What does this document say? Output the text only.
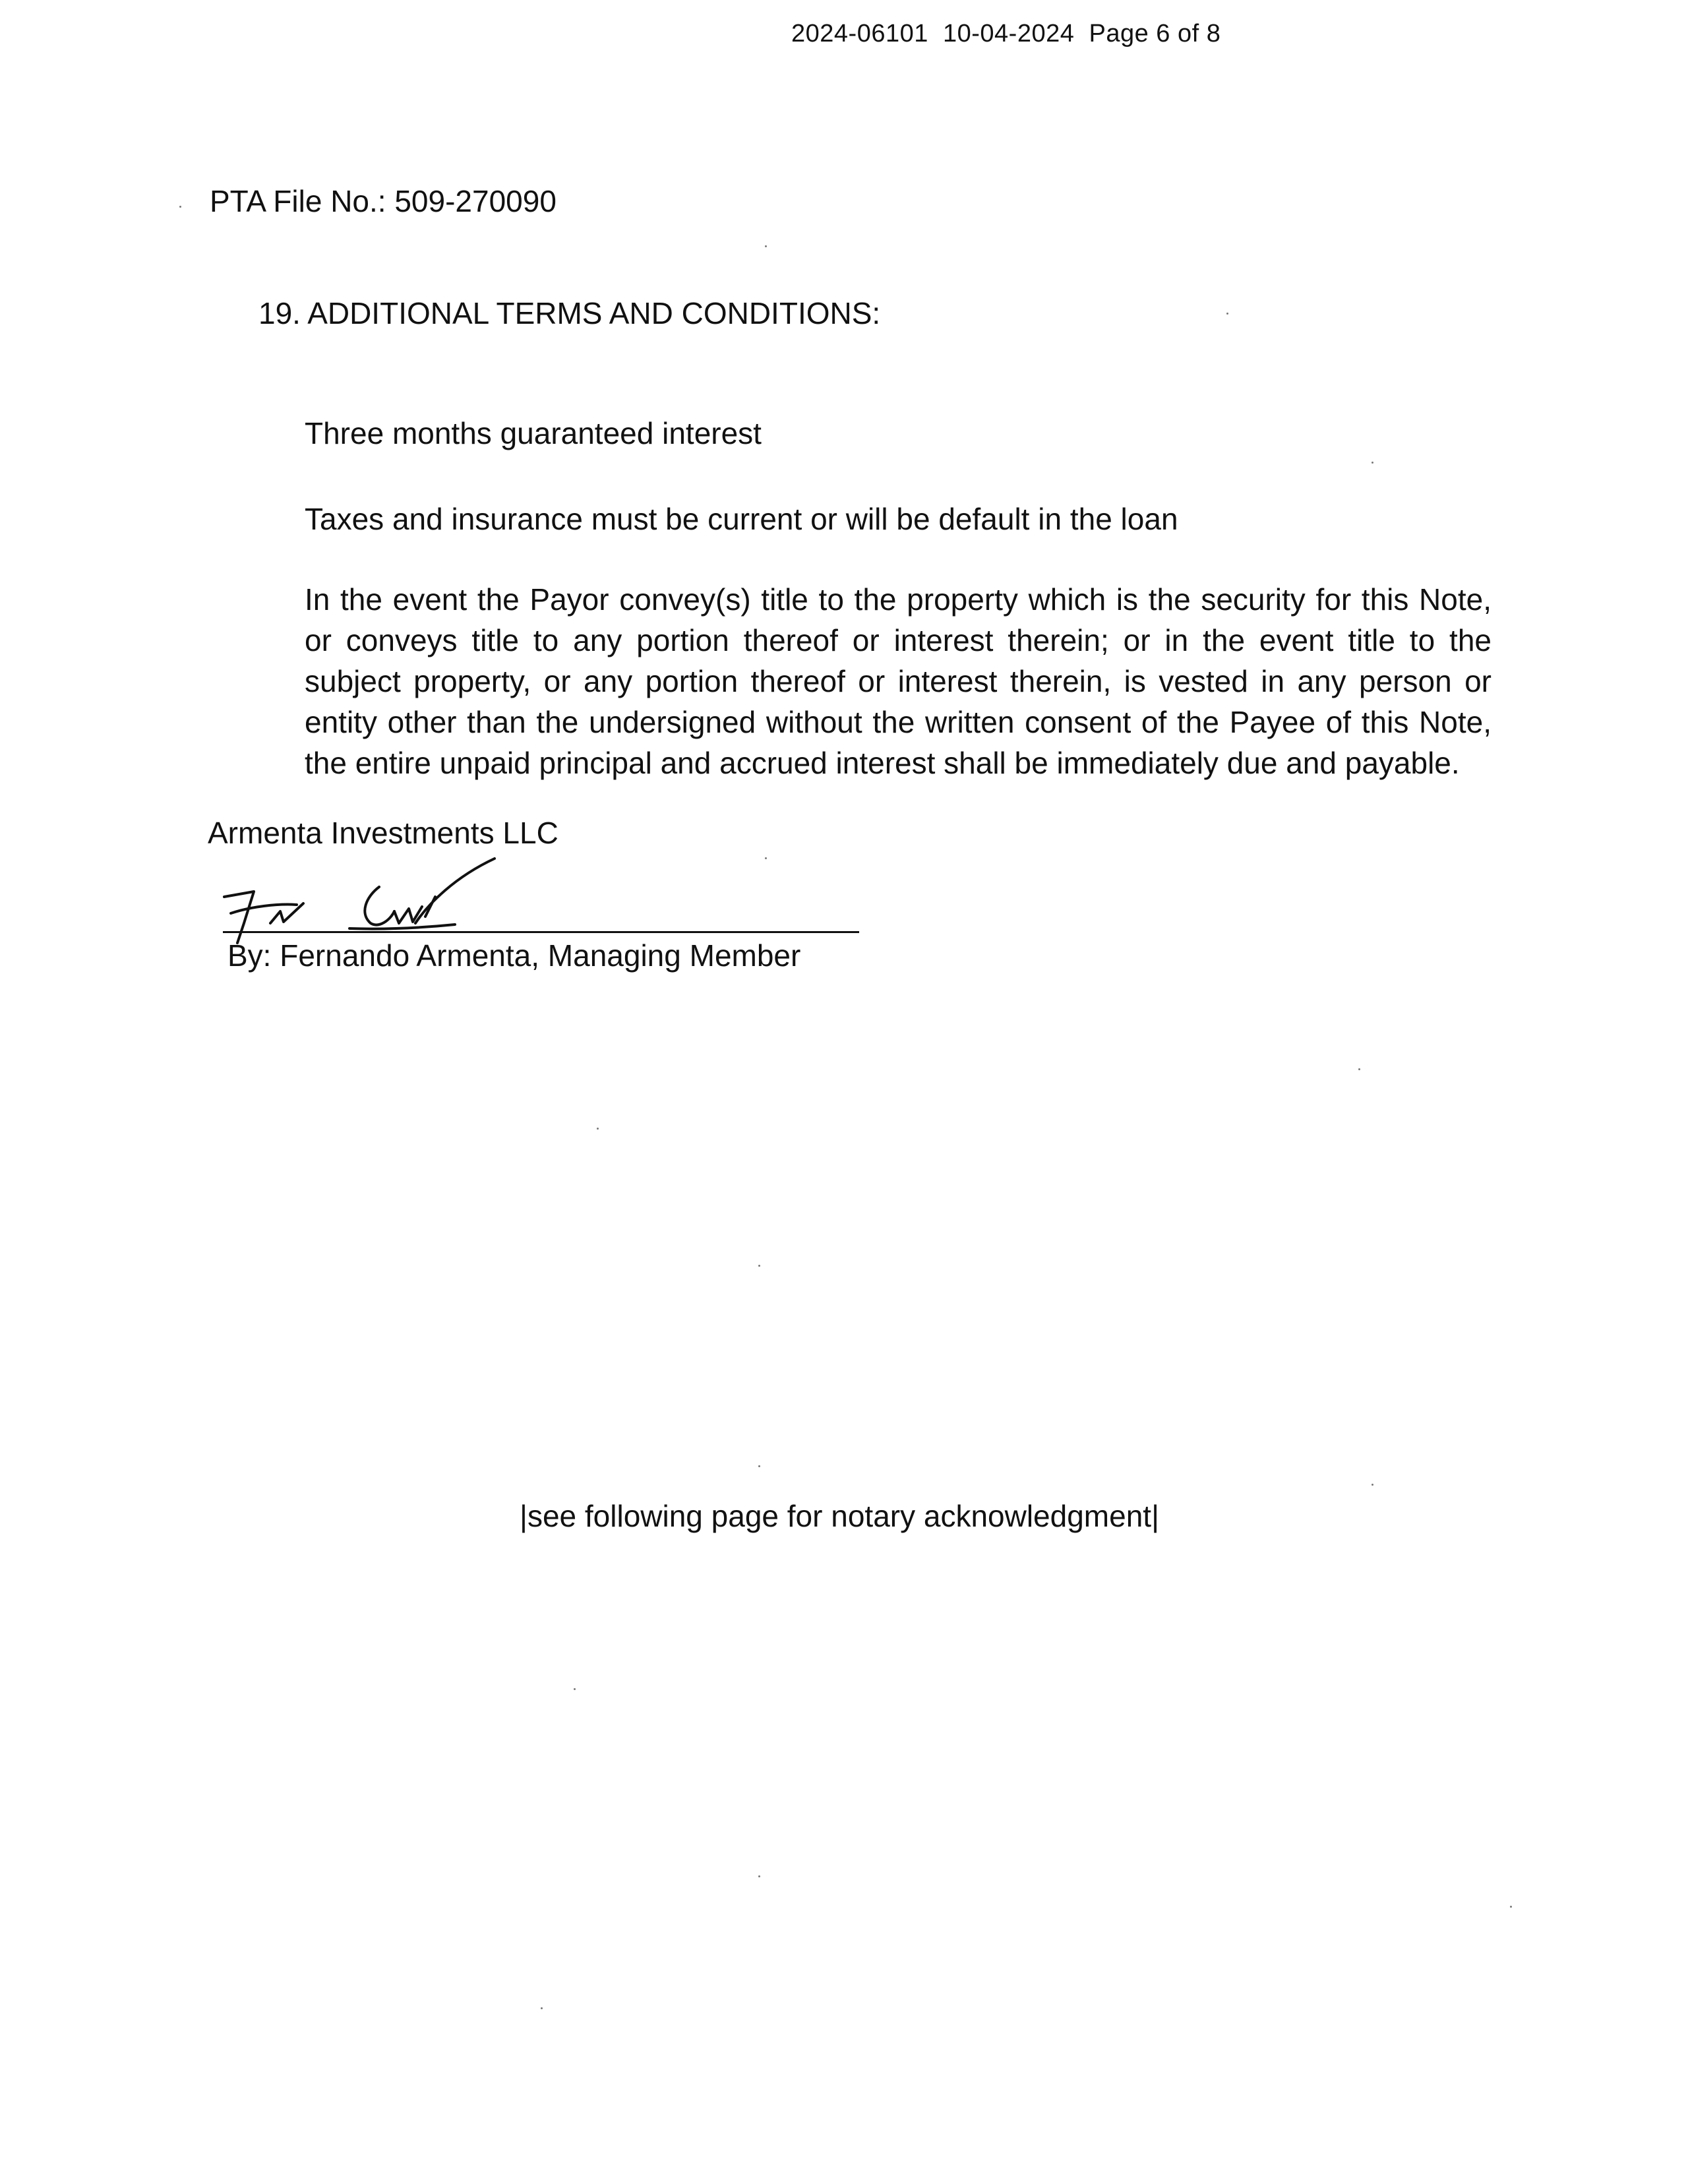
2024-06101  10-04-2024  Page 6 of 8
PTA File No.: 509-270090
19. ADDITIONAL TERMS AND CONDITIONS:
Three months guaranteed interest
Taxes and insurance must be current or will be default in the loan
In the event the Payor convey(s) title to the property which is the security for this Note, or conveys title to any portion thereof or interest therein; or in the event title to the subject property, or any portion thereof or interest therein, is vested in any person or entity other than the undersigned without the written consent of the Payee of this Note, the entire unpaid principal and accrued interest shall be immediately due and payable.
Armenta Investments LLC
By: Fernando Armenta, Managing Member
|see following page for notary acknowledgment|
